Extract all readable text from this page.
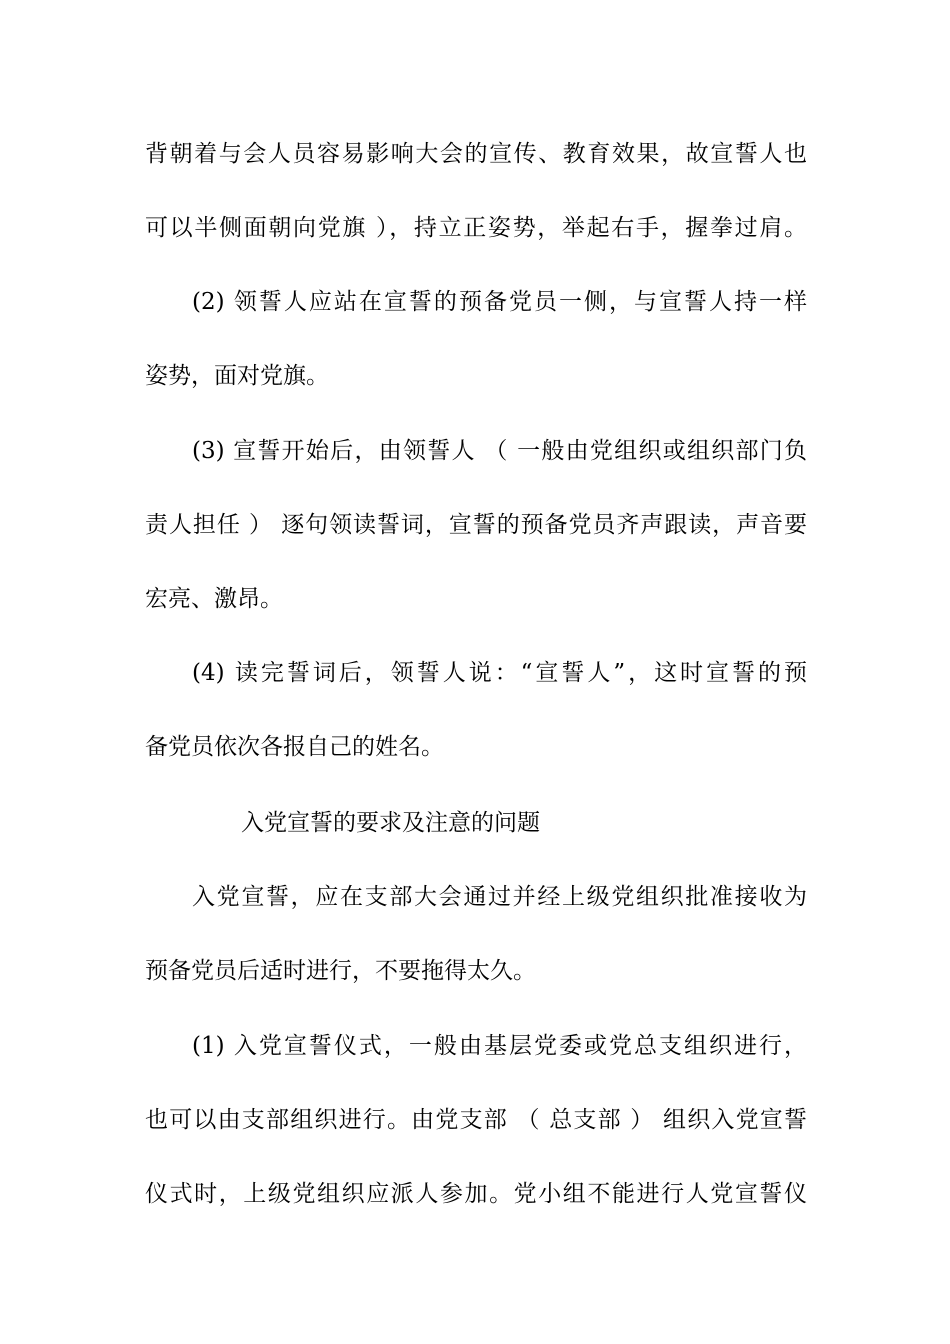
背朝着与会人员容易影响大会的宣传、教育效果，故宣誓人也

可以半侧面朝向党旗 ），持立正姿势，举起右手，握拳过肩。

(2) 领誓人应站在宣誓的预备党员一侧，与宣誓人持一样

姿势，面对党旗。

(3) 宣誓开始后，由领誓人 （ 一般由党组织或组织部门负

责人担任 ） 逐句领读誓词，宣誓的预备党员齐声跟读，声音要

宏亮、激昂。

(4) 读完誓词后，领誓人说：“宣誓人”，这时宣誓的预

备党员依次各报自己的姓名。

入党宣誓的要求及注意的问题

入党宣誓，应在支部大会通过并经上级党组织批准接收为

预备党员后适时进行，不要拖得太久。

(1) 入党宣誓仪式，一般由基层党委或党总支组织进行，

也可以由支部组织进行。由党支部 （ 总支部 ） 组织入党宣誓

仪式时，上级党组织应派人参加。党小组不能进行人党宣誓仪
